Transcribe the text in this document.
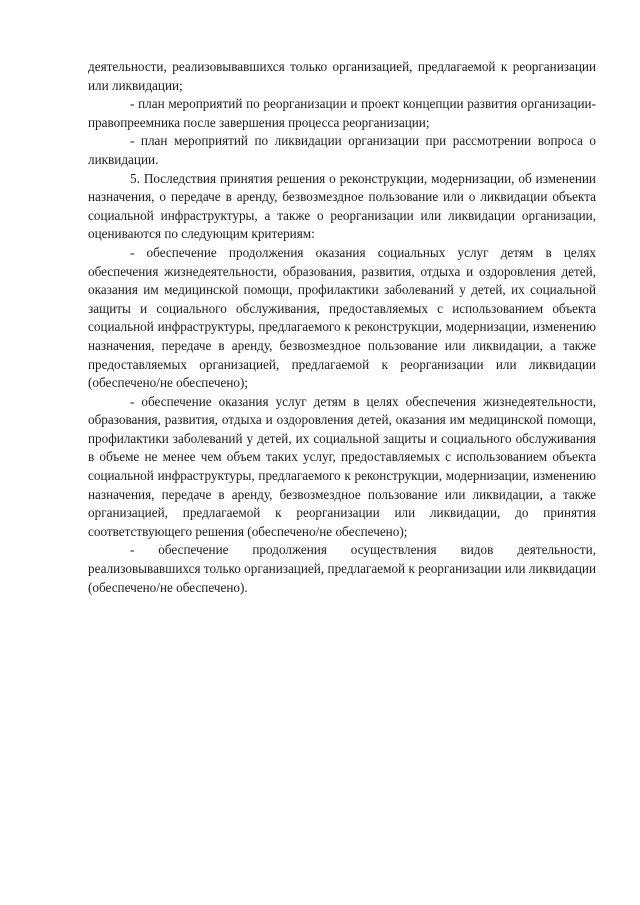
деятельности, реализовывавшихся только организацией, предлагаемой к реорганизации или ликвидации;

- план мероприятий по реорганизации и проект концепции развития организации-правопреемника после завершения процесса реорганизации;

- план мероприятий по ликвидации организации при рассмотрении вопроса о ликвидации.

5. Последствия принятия решения о реконструкции, модернизации, об изменении назначения, о передаче в аренду, безвозмездное пользование или о ликвидации объекта социальной инфраструктуры, а также о реорганизации или ликвидации организации, оцениваются по следующим критериям:

- обеспечение продолжения оказания социальных услуг детям в целях обеспечения жизнедеятельности, образования, развития, отдыха и оздоровления детей, оказания им медицинской помощи, профилактики заболеваний у детей, их социальной защиты и социального обслуживания, предоставляемых с использованием объекта социальной инфраструктуры, предлагаемого к реконструкции, модернизации, изменению назначения, передаче в аренду, безвозмездное пользование или ликвидации, а также предоставляемых организацией, предлагаемой к реорганизации или ликвидации (обеспечено/не обеспечено);

- обеспечение оказания услуг детям в целях обеспечения жизнедеятельности, образования, развития, отдыха и оздоровления детей, оказания им медицинской помощи, профилактики заболеваний у детей, их социальной защиты и социального обслуживания в объеме не менее чем объем таких услуг, предоставляемых с использованием объекта социальной инфраструктуры, предлагаемого к реконструкции, модернизации, изменению назначения, передаче в аренду, безвозмездное пользование или ликвидации, а также организацией, предлагаемой к реорганизации или ликвидации, до принятия соответствующего решения (обеспечено/не обеспечено);

- обеспечение продолжения осуществления видов деятельности, реализовывавшихся только организацией, предлагаемой к реорганизации или ликвидации (обеспечено/не обеспечено).
